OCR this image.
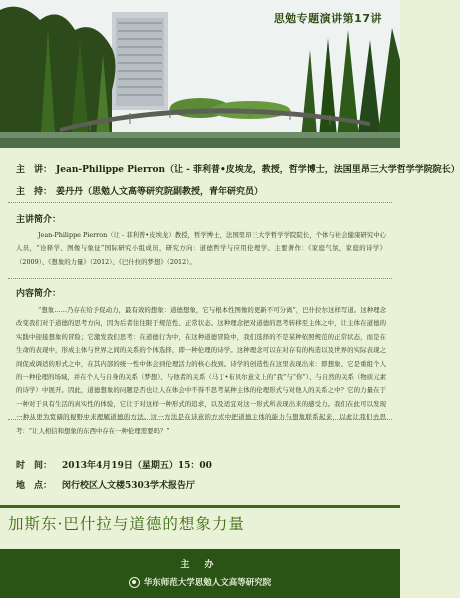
思勉专题演讲第17讲
主　讲： Jean-Philippe Pierron（让 - 菲利普•皮埃龙，教授，哲学博士，法国里昂三大学哲学学院院长）
主　持： 姜丹丹（思勉人文高等研究院副教授，青年研究员）
主讲简介：

Jean-Philippe Pierron（让 - 菲利普•皮埃龙）教授，哲学博士，法国里昂三大学哲学学院院长，个体与社会健康研究中心人员，“诠释学、图像与象征”国际研究小组成员，研究方向：道德哲学与应用伦理学。主要著作：《家庭气氛，家庭的诗学》（2009）、《想象的力量》（2012）、《巴什拉的梦想》（2012）。

内容简介：

“想象……乃存在给予促动力，最有效的想象：道德想象，它与根本性图像的更新不可分离”，巴什拉尔这样写道。这种理念改变我们对于道德的思考方向，因为后者往往限于规范性、正常状态。这种理念把对道德的思考转移至主体之中，让主体在道德的实践中迎接想象的冒险；它激发我们思考：在道德行为中，在这种道德冒险中，我们选择的不是某种依照规范的正常状态，而是在生命的表现中，形成主体与世界之间的关系的个体选择，即一种伦理的诗学。这种理念可以在对存有的构造以及世界的实际表现之间促成调适的形式之中，在其内部的统一性中体会到伦理活力的核心找到。诗学的创造性在这里表现出来：即想象、它是重组个人的一种伦理的场域，并在个人与自身的关系（梦想）、与他者的关系（马丁•布贝尔意义上的“我”与“你”）、与自然的关系（物质元素的诗学）中展开。因此，道德想象的问题是否也让人在体会中不得不思考某种主体的伦理形式与对他人的关系之中？它的力量在于一种对于具有生活的真实性的体验，它让于对这样一种形式的追求，以及适宜对这一形式所表现出来的感受力。我们在此可以发现一种从更为宽阔的视野中来理解道德的方法。这一方法是在诗意的方式中把道德主体的能力与想象联系起来，以此让我们去思考：“让人相信和想象的东西中存在一种伦理需要吗？”

时　间： 2013年4月19日（星期五）15：00
地　点： 闵行校区人文楼5303学术报告厅
加斯东·巴什拉与道德的想象力量
主 办
华东师范大学思勉人文高等研究院
